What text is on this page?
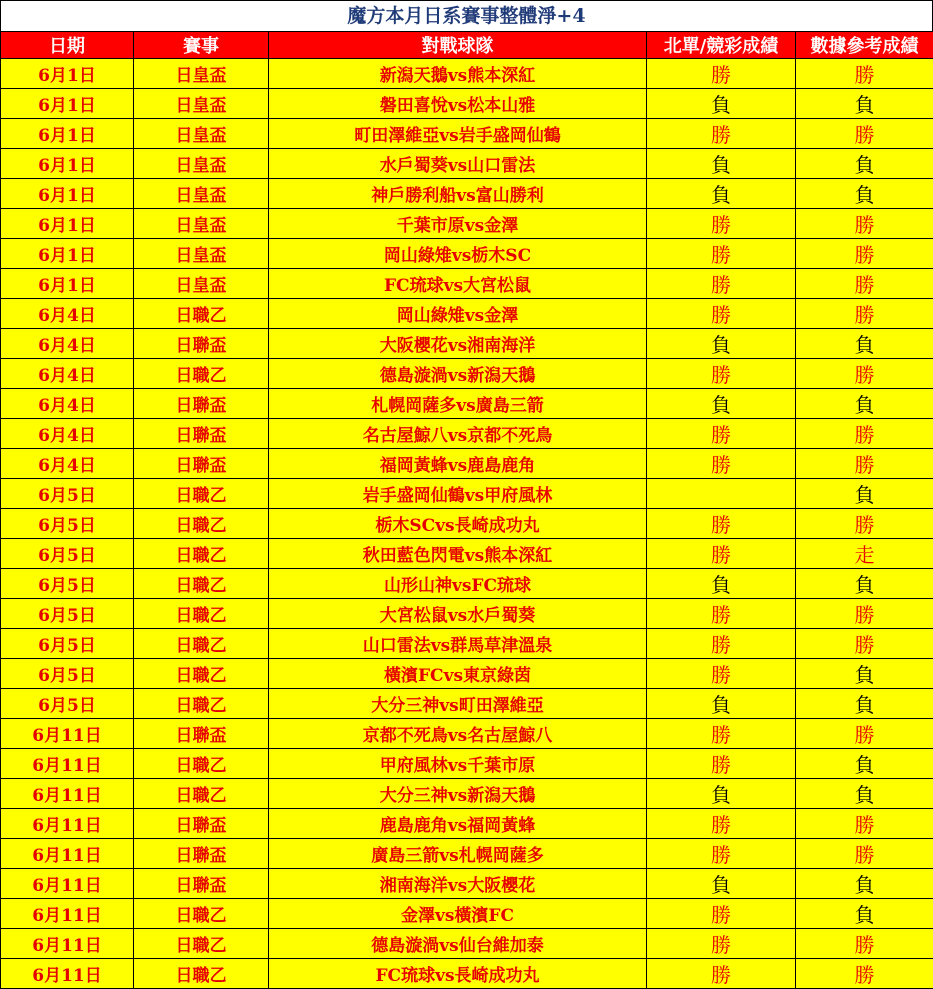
魔方本月日系賽事整體淨+4
日期	賽事	對戰球隊	北單/競彩成績	數據參考成績
6月1日	日皇盃	新潟天鵝vs熊本深紅	勝	勝
6月1日	日皇盃	磐田喜悅vs松本山雅	負	負
6月1日	日皇盃	町田澤維亞vs岩手盛岡仙鶴	勝	勝
6月1日	日皇盃	水戶蜀葵vs山口雷法	負	負
6月1日	日皇盃	神戶勝利船vs富山勝利	負	負
6月1日	日皇盃	千葉市原vs金澤	勝	勝
6月1日	日皇盃	岡山綠雉vs栃木SC	勝	勝
6月1日	日皇盃	FC琉球vs大宮松鼠	勝	勝
6月4日	日職乙	岡山綠雉vs金澤	勝	勝
6月4日	日聯盃	大阪櫻花vs湘南海洋	負	負
6月4日	日職乙	德島漩渦vs新潟天鵝	勝	勝
6月4日	日聯盃	札幌岡薩多vs廣島三箭	負	負
6月4日	日聯盃	名古屋鯨八vs京都不死鳥	勝	勝
6月4日	日聯盃	福岡黃蜂vs鹿島鹿角	勝	勝
6月5日	日職乙	岩手盛岡仙鶴vs甲府風林		負
6月5日	日職乙	栃木SCvs長崎成功丸	勝	勝
6月5日	日職乙	秋田藍色閃電vs熊本深紅	勝	走
6月5日	日職乙	山形山神vsFC琉球	負	負
6月5日	日職乙	大宮松鼠vs水戶蜀葵	勝	勝
6月5日	日職乙	山口雷法vs群馬草津溫泉	勝	勝
6月5日	日職乙	橫濱FCvs東京綠茵	勝	負
6月5日	日職乙	大分三神vs町田澤維亞	負	負
6月11日	日聯盃	京都不死鳥vs名古屋鯨八	勝	勝
6月11日	日職乙	甲府風林vs千葉市原	勝	負
6月11日	日職乙	大分三神vs新潟天鵝	負	負
6月11日	日聯盃	鹿島鹿角vs福岡黃蜂	勝	勝
6月11日	日聯盃	廣島三箭vs札幌岡薩多	勝	勝
6月11日	日聯盃	湘南海洋vs大阪櫻花	負	負
6月11日	日職乙	金澤vs橫濱FC	勝	負
6月11日	日職乙	德島漩渦vs仙台維加泰	勝	勝
6月11日	日職乙	FC琉球vs長崎成功丸	勝	勝
